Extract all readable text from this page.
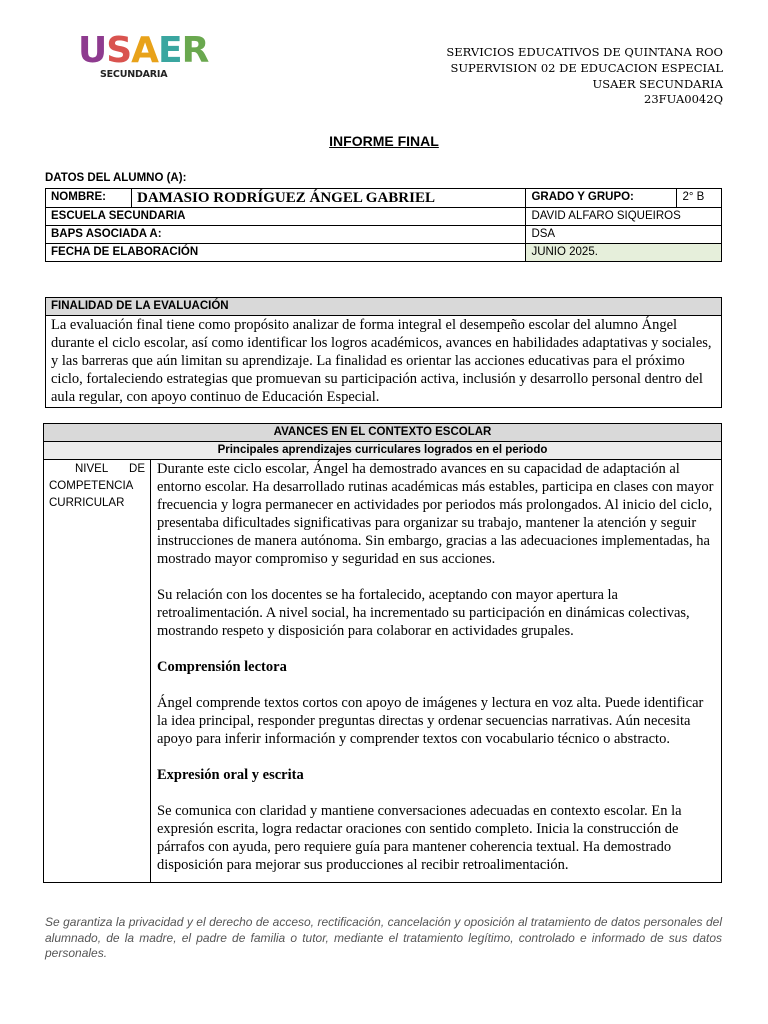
U S A E R
SECUNDARIA
SERVICIOS EDUCATIVOS DE QUINTANA ROO
SUPERVISION 02 DE EDUCACION ESPECIAL
USAER SECUNDARIA
23FUA0042Q
INFORME FINAL
DATOS DEL ALUMNO (A):
NOMBRE:	DAMASIO RODRÍGUEZ ÁNGEL GABRIEL	GRADO Y GRUPO:	2° B
ESCUELA SECUNDARIA		DAVID ALFARO SIQUEIROS	
BAPS ASOCIADA A:		DSA	
FECHA DE ELABORACIÓN		JUNIO 2025.	
FINALIDAD DE LA EVALUACIÓN
La evaluación final tiene como propósito analizar de forma integral el desempeño escolar del alumno Ángel durante el ciclo escolar, así como identificar los logros académicos, avances en habilidades adaptativas y sociales, y las barreras que aún limitan su aprendizaje. La finalidad es orientar las acciones educativas para el próximo ciclo, fortaleciendo estrategias que promuevan su participación activa, inclusión y desarrollo personal dentro del aula regular, con apoyo continuo de Educación Especial.
AVANCES EN EL CONTEXTO ESCOLAR
Principales aprendizajes curriculares logrados en el periodo

NIVEL DE
COMPETENCIA CURRICULAR

Durante este ciclo escolar, Ángel ha demostrado avances en su capacidad de adaptación al entorno escolar. Ha desarrollado rutinas académicas más estables, participa en clases con mayor frecuencia y logra permanecer en actividades por periodos más prolongados. Al inicio del ciclo, presentaba dificultades significativas para organizar su trabajo, mantener la atención y seguir instrucciones de manera autónoma. Sin embargo, gracias a las adecuaciones implementadas, ha mostrado mayor compromiso y seguridad en sus acciones.

Su relación con los docentes se ha fortalecido, aceptando con mayor apertura la retroalimentación. A nivel social, ha incrementado su participación en dinámicas colectivas, mostrando respeto y disposición para colaborar en actividades grupales.

Comprensión lectora

Ángel comprende textos cortos con apoyo de imágenes y lectura en voz alta. Puede identificar la idea principal, responder preguntas directas y ordenar secuencias narrativas. Aún necesita apoyo para inferir información y comprender textos con vocabulario técnico o abstracto.

Expresión oral y escrita

Se comunica con claridad y mantiene conversaciones adecuadas en contexto escolar. En la expresión escrita, logra redactar oraciones con sentido completo. Inicia la construcción de párrafos con ayuda, pero requiere guía para mantener coherencia textual. Ha demostrado disposición para mejorar sus producciones al recibir retroalimentación.

Se garantiza la privacidad y el derecho de acceso, rectificación, cancelación y oposición al tratamiento de datos personales del alumnado, de la madre, el padre de familia o tutor, mediante el tratamiento legítimo, controlado e informado de sus datos personales.
